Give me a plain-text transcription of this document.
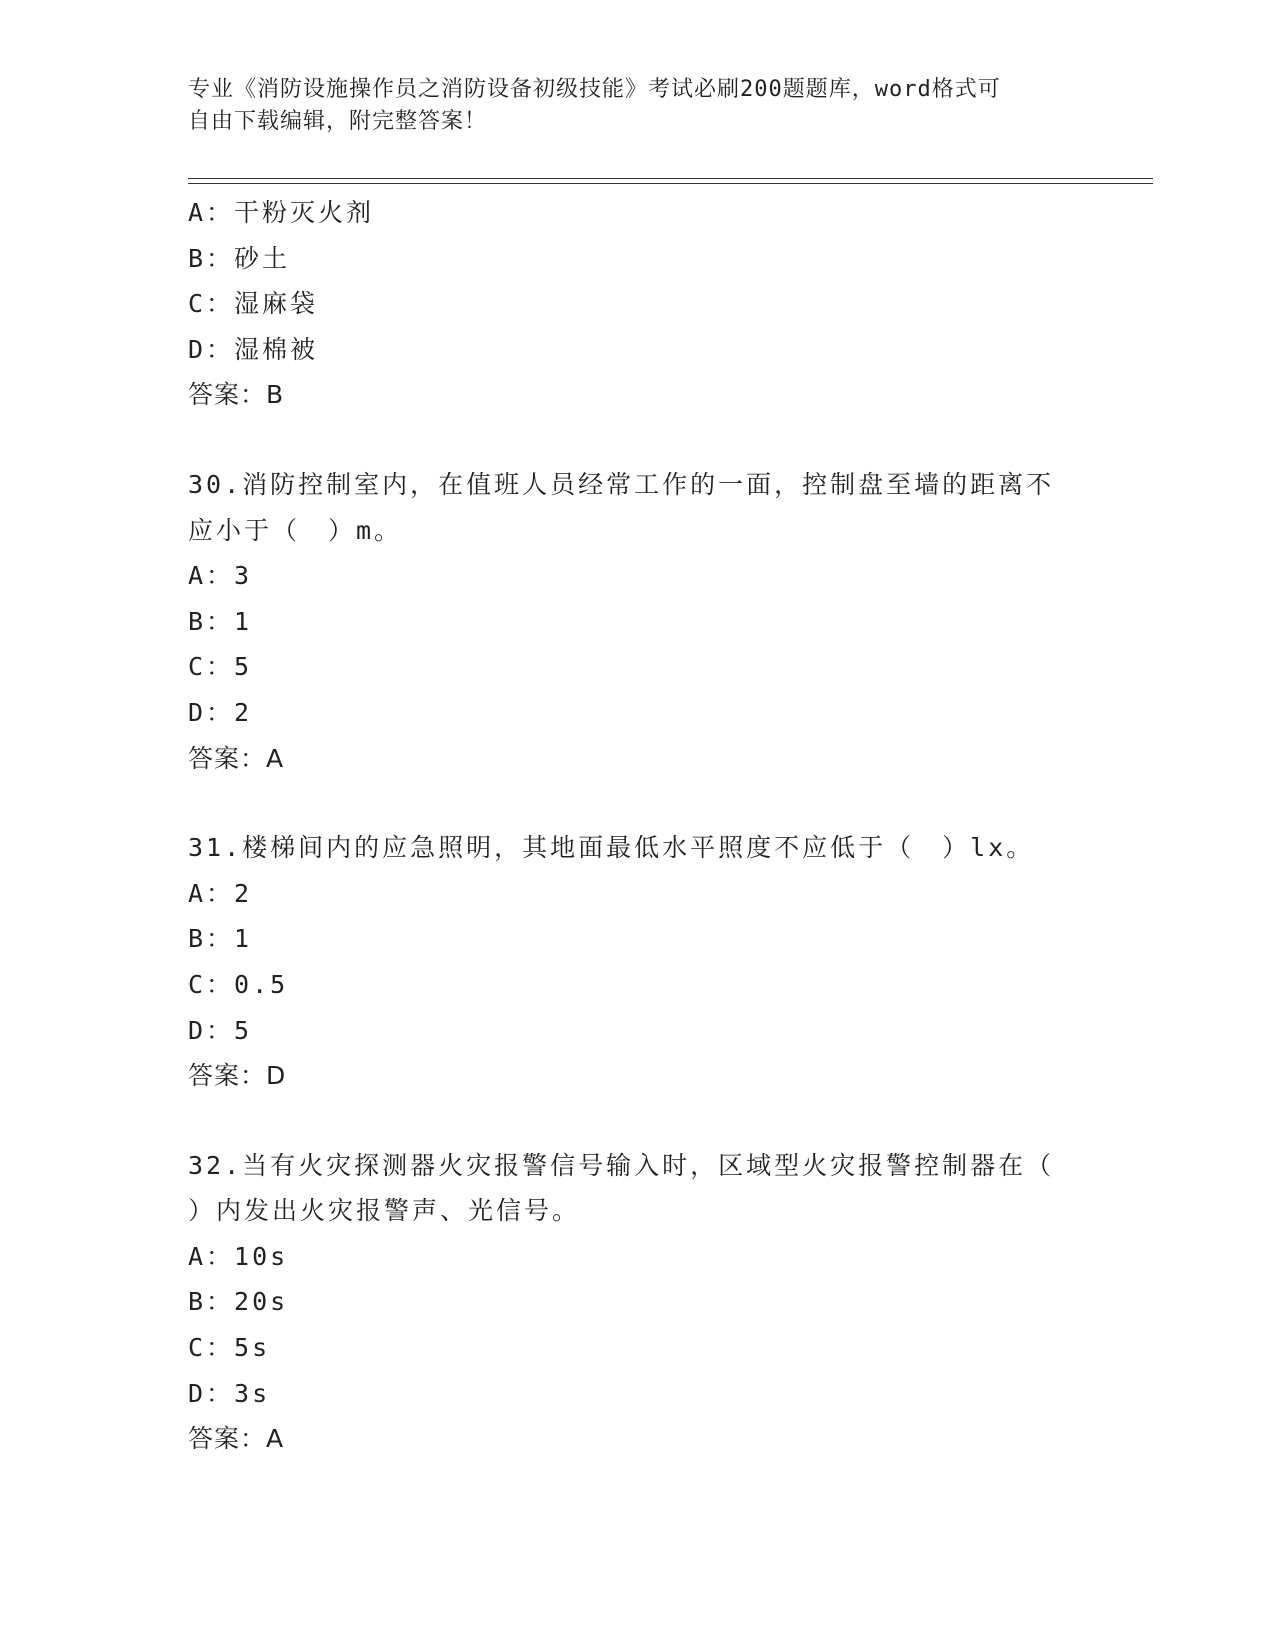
专业《消防设施操作员之消防设备初级技能》考试必刷200题题库，word格式可
自由下载编辑，附完整答案！
A：干粉灭火剂
B：砂土
C：湿麻袋
D：湿棉被
答案：B
30.消防控制室内，在值班人员经常工作的一面，控制盘至墙的距离不
应小于（　）m。
A：3
B：1
C：5
D：2
答案：A
31.楼梯间内的应急照明，其地面最低水平照度不应低于（　）lx。
A：2
B：1
C：0.5
D：5
答案：D
32.当有火灾探测器火灾报警信号输入时，区域型火灾报警控制器在（
）内发出火灾报警声、光信号。
A：10s
B：20s
C：5s
D：3s
答案：A
